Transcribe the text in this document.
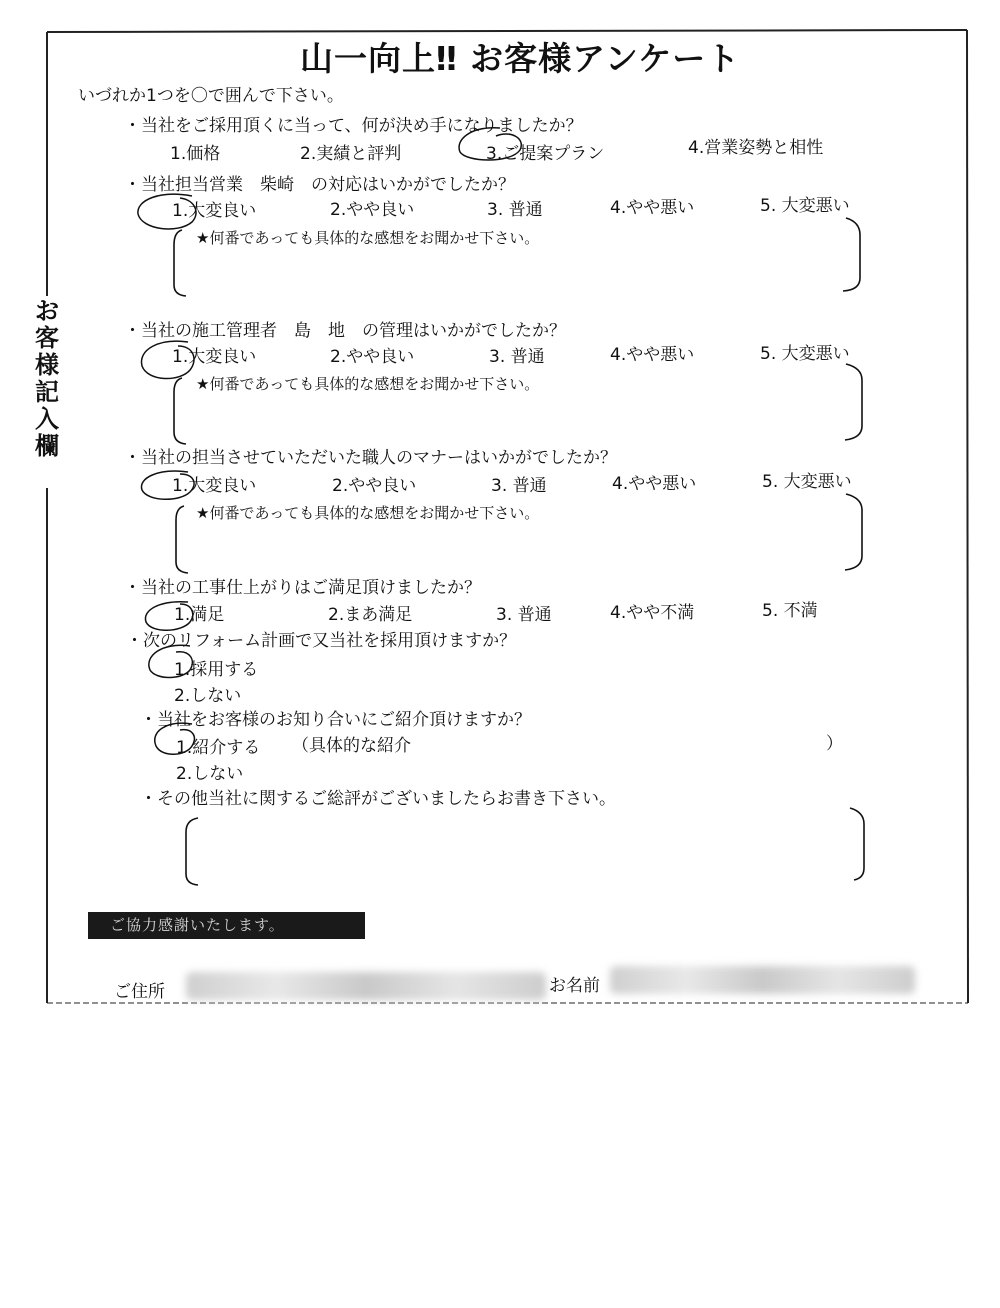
山一向上‼ お客様アンケート
いづれか1つを〇で囲んで下さい。
お
客
様
記
入
欄
・当社をご採用頂くに当って、何が決め手になりましたか？
1.価格	2.実績と評判	3.ご提案プラン	4.営業姿勢と相性
・当社担当営業　柴崎　の対応はいかがでしたか？
1.大変良い	2.やや良い	3. 普通	4.やや悪い	5. 大変悪い
★何番であっても具体的な感想をお聞かせ下さい。
・当社の施工管理者　島　地　の管理はいかがでしたか？
1.大変良い	2.やや良い	3. 普通	4.やや悪い	5. 大変悪い
★何番であっても具体的な感想をお聞かせ下さい。
・当社の担当させていただいた職人のマナーはいかがでしたか？
1.大変良い	2.やや良い	3. 普通	4.やや悪い	5. 大変悪い
★何番であっても具体的な感想をお聞かせ下さい。
・当社の工事仕上がりはご満足頂けましたか？
1.満足	2.まあ満足	3. 普通	4.やや不満	5. 不満
・次のリフォーム計画で又当社を採用頂けますか？
1.採用する
2.しない
・当社をお客様のお知り合いにご紹介頂けますか？
1.紹介する （具体的な紹介	）
2.しない
・その他当社に関するご総評がございましたらお書き下さい。
ご協力感謝いたします。
ご住所	お名前
